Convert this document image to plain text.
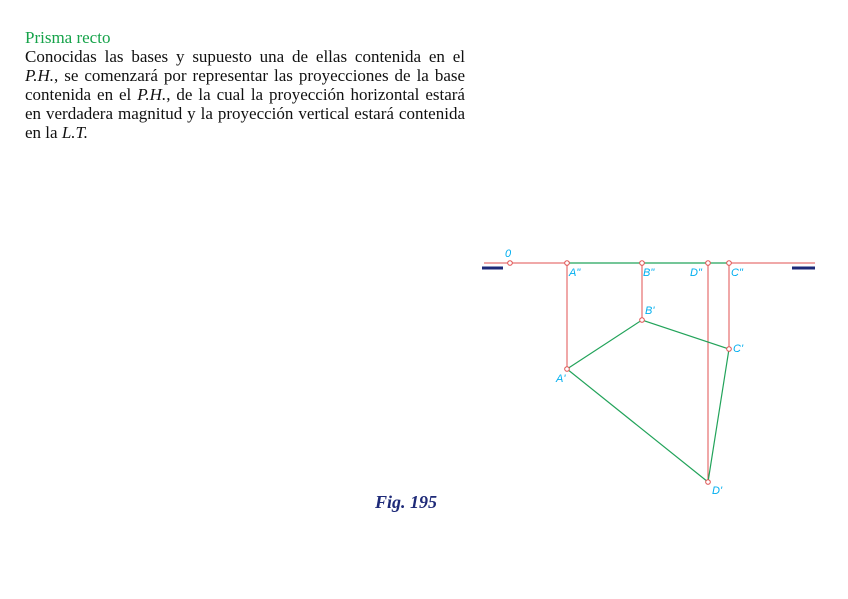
Prisma recto

Conocidas las bases y supuesto una de ellas contenida en el P.H., se comenzará por representar las proyecciones de la base contenida en el P.H., de la cual la proyección horizontal estará en verdadera magnitud y la proyección vertical estará contenida en la L.T.

0
A"	B"	D"	C"
B'
C'
A'
D'
Fig. 195
